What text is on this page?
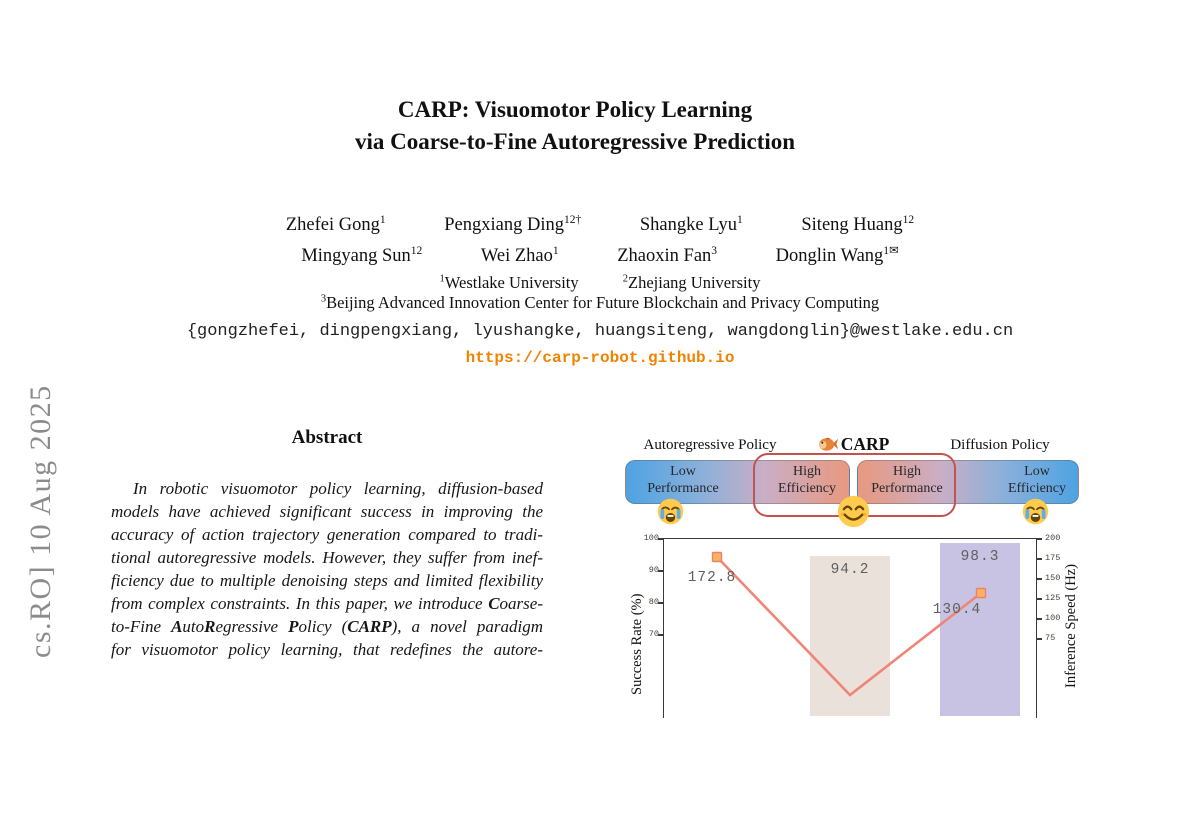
cs.RO] 10 Aug 2025
CARP: Visuomotor Policy Learning
via Coarse-to-Fine Autoregressive Prediction
Zhefei Gong$^1$	Pengxiang Ding$^{12\dagger}$	Shangke Lyu$^1$	Siteng Huang$^{12}$
Mingyang Sun$^{12}$	Wei Zhao$^1$	Zhaoxin Fan$^3$	Donglin Wang$^{1✉}$
$^1$Westlake University	$^2$Zhejiang University
$^3$Beijing Advanced Innovation Center for Future Blockchain and Privacy Computing
{gongzhefei, dingpengxiang, lyushangke, huangsiteng, wangdonglin}@westlake.edu.cn
https://carp-robot.github.io
Abstract
In robotic visuomotor policy learning, diffusion-based
models have achieved significant success in improving the
accuracy of action trajectory generation compared to tradi-
tional autoregressive models. However, they suffer from inef-
ficiency due to multiple denoising steps and limited flexibility
from complex constraints. In this paper, we introduce Coarse-
to-Fine AutoRegressive Policy (CARP), a novel paradigm
for visuomotor policy learning, that redefines the autore-
Autoregressive Policy	CARP	Diffusion Policy
Low
Performance
High
Efficiency
High
Performance
Low
Efficiency
100
90
80
70
200
175
150
125
100
75
Success Rate (%)	Inference Speed (Hz)
172.8	94.2
98.3
130.4
